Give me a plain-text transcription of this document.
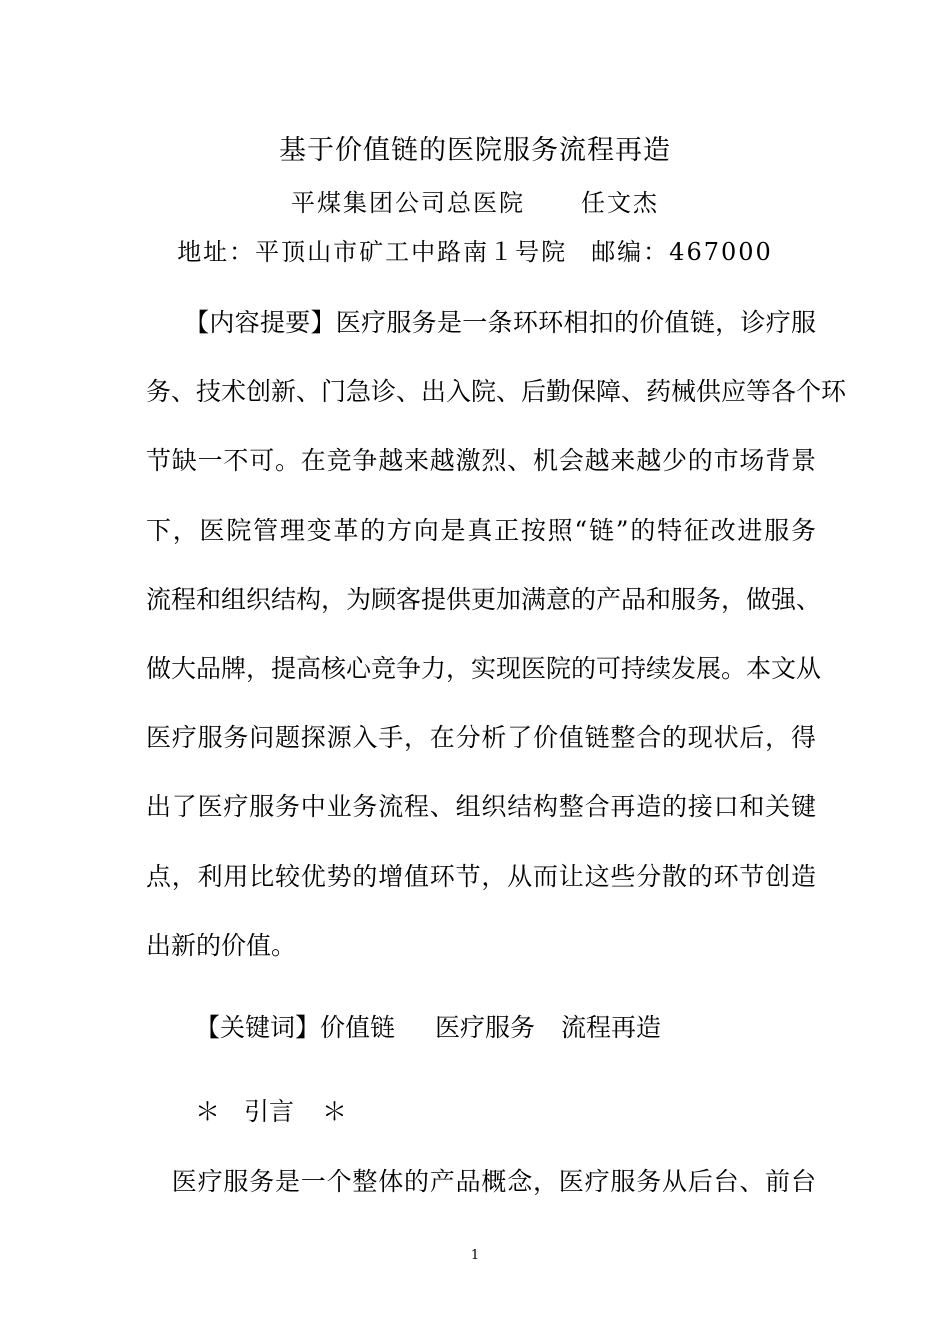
基于价值链的医院服务流程再造
平煤集团公司总医院 任文杰
地址：平顶山市矿工中路南１号院 邮编：467000
　　【内容提要】医疗服务是一条环环相扣的价值链，诊疗服
务、技术创新、门急诊、出入院、后勤保障、药械供应等各个环
节缺一不可。在竞争越来越激烈、机会越来越少的市场背景
下，医院管理变革的方向是真正按照“链”的特征改进服务
流程和组织结构，为顾客提供更加满意的产品和服务，做强、
做大品牌，提高核心竞争力，实现医院的可持续发展。本文从
医疗服务问题探源入手，在分析了价值链整合的现状后，得
出了医疗服务中业务流程、组织结构整合再造的接口和关键
点，利用比较优势的增值环节，从而让这些分散的环节创造
出新的价值。
【关键词】价值链 医疗服务 流程再造
＊ 引言 ＊
　医疗服务是一个整体的产品概念，医疗服务从后台、前台
1
